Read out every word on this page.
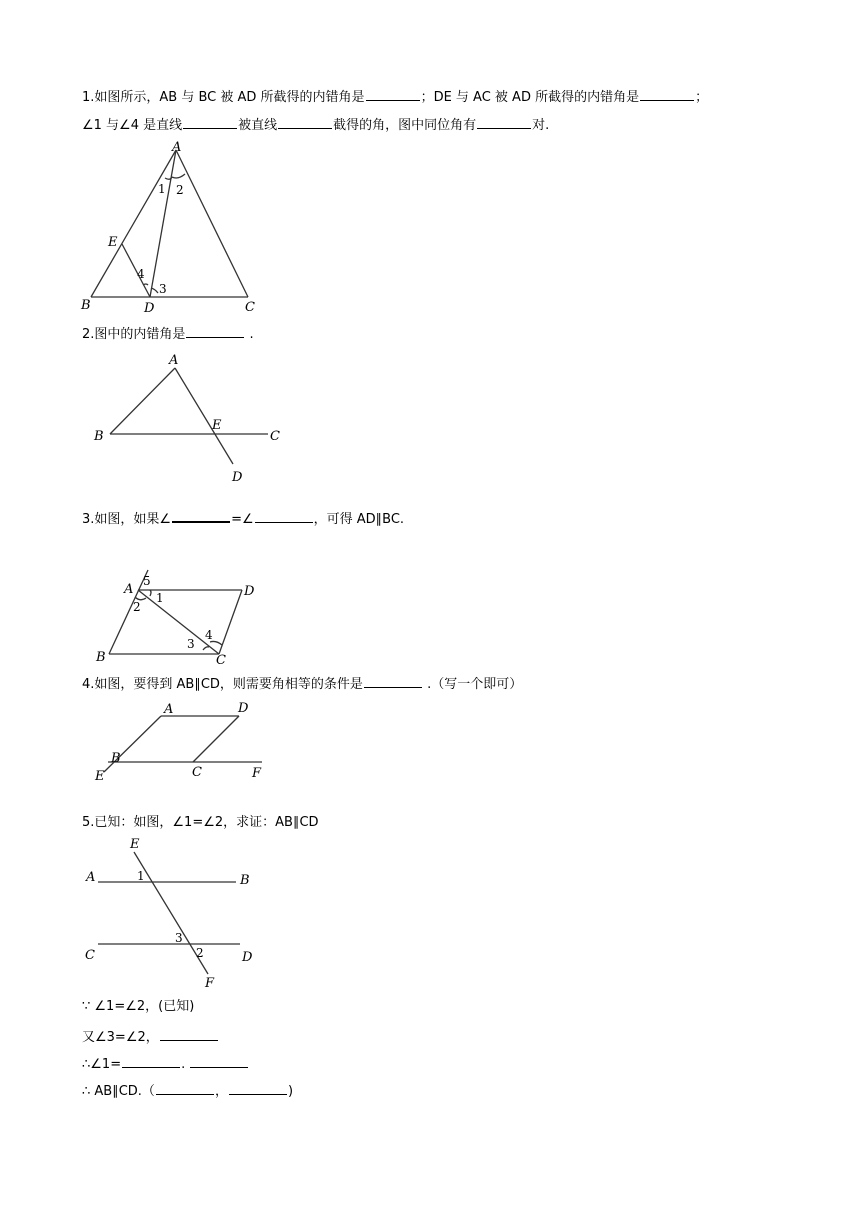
1.如图所示，AB 与 BC 被 AD 所截得的内错角是	；DE 与 AC 被 AD 所截得的内错角是	；
∠1 与∠4 是直线	被直线	截得的角，图中同位角有	对.
A
B	C
D
E
1 2
3
4
2.图中的内错角是	.
A
B	C
D
E
3.如图，如果∠	=∠	，可得 AD∥BC.
A
B	C
D
1
2
3
4
5
4.如图，要得到 AB∥CD，则需要角相等的条件是	.（写一个即可）
A
B
C
D
E	F
5.已知：如图，∠1=∠2，求证：AB∥CD
E
A	B
C	D
F
1
3
2
∵ ∠1=∠2，(已知)
又∠3=∠2，
∴∠1=	.
∴ AB∥CD.（	，	)
